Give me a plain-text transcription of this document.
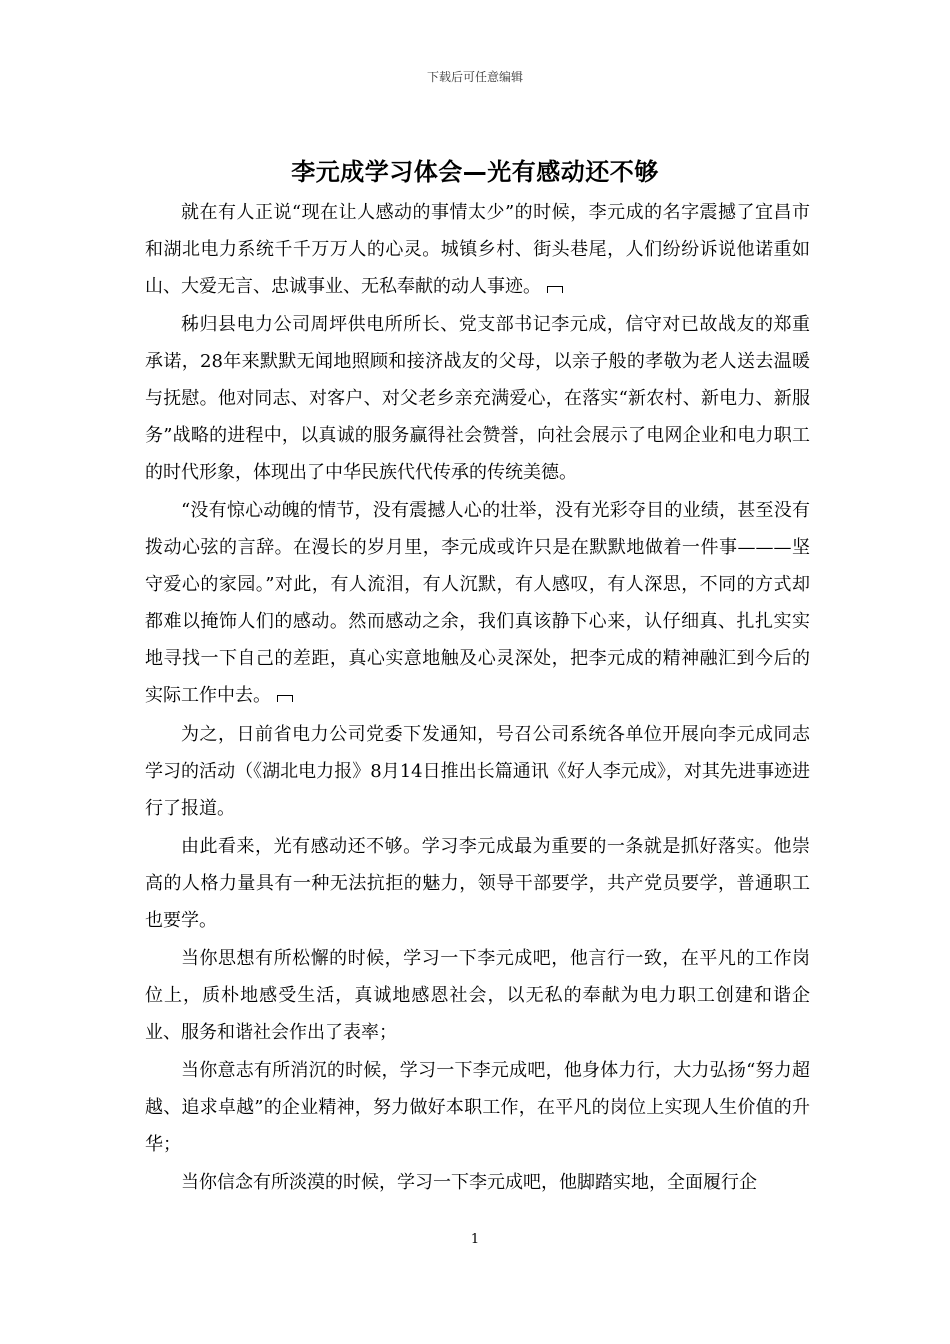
下载后可任意编辑
李元成学习体会—光有感动还不够

就在有人正说“现在让人感动的事情太少”的时候，李元成的名字震撼了宜昌市和湖北电力系统千千万万人的心灵。城镇乡村、街头巷尾，人们纷纷诉说他诺重如山、大爱无言、忠诚事业、无私奉献的动人事迹。

秭归县电力公司周坪供电所所长、党支部书记李元成，信守对已故战友的郑重承诺，28年来默默无闻地照顾和接济战友的父母，以亲子般的孝敬为老人送去温暖与抚慰。他对同志、对客户、对父老乡亲充满爱心，在落实“新农村、新电力、新服务”战略的进程中，以真诚的服务赢得社会赞誉，向社会展示了电网企业和电力职工的时代形象，体现出了中华民族代代传承的传统美德。

“没有惊心动魄的情节，没有震撼人心的壮举，没有光彩夺目的业绩，甚至没有拨动心弦的言辞。在漫长的岁月里，李元成或许只是在默默地做着一件事———坚守爱心的家园。”对此，有人流泪，有人沉默，有人感叹，有人深思，不同的方式却都难以掩饰人们的感动。然而感动之余，我们真该静下心来，认仔细真、扎扎实实地寻找一下自己的差距，真心实意地触及心灵深处，把李元成的精神融汇到今后的实际工作中去。

为之，日前省电力公司党委下发通知，号召公司系统各单位开展向李元成同志学习的活动（《湖北电力报》8月14日推出长篇通讯《好人李元成》，对其先进事迹进行了报道。

由此看来，光有感动还不够。学习李元成最为重要的一条就是抓好落实。他崇高的人格力量具有一种无法抗拒的魅力，领导干部要学，共产党员要学，普通职工也要学。

当你思想有所松懈的时候，学习一下李元成吧，他言行一致，在平凡的工作岗位上，质朴地感受生活，真诚地感恩社会，以无私的奉献为电力职工创建和谐企业、服务和谐社会作出了表率；

当你意志有所消沉的时候，学习一下李元成吧，他身体力行，大力弘扬“努力超越、追求卓越”的企业精神，努力做好本职工作，在平凡的岗位上实现人生价值的升华；

当你信念有所淡漠的时候，学习一下李元成吧，他脚踏实地，全面履行企

1
